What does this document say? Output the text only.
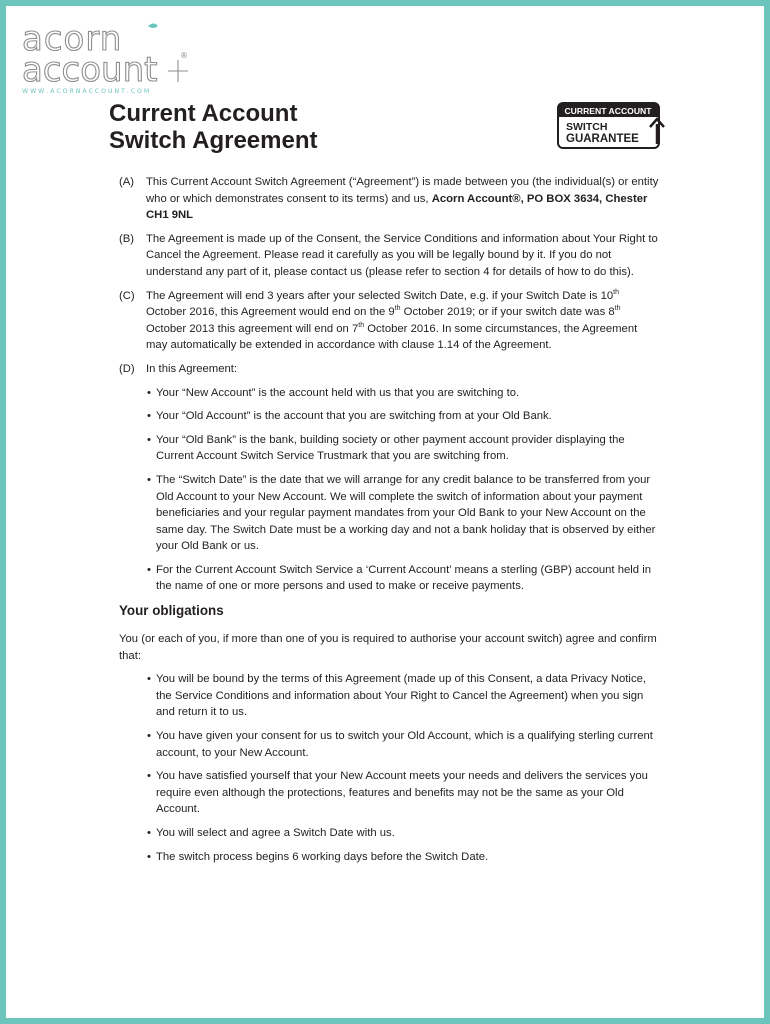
acorn
account	®
W W W . A C O R N A C C O U N T . C O M
Current Account
Switch Agreement
CURRENT ACCOUNT
SWITCH
GUARANTEE
(A) This Current Account Switch Agreement (“Agreement”) is made between you (the individual(s) or entity who or which demonstrates consent to its terms) and us, Acorn Account®, PO BOX 3634, Chester CH1 9NL

(B) The Agreement is made up of the Consent, the Service Conditions and information about Your Right to Cancel the Agreement. Please read it carefully as you will be legally bound by it. If you do not understand any part of it, please contact us (please refer to section 4 for details of how to do this).

(C) The Agreement will end 3 years after your selected Switch Date, e.g. if your Switch Date is 10th October 2016, this Agreement would end on the 9th October 2019; or if your switch date was 8th October 2013 this agreement will end on 7th October 2016. In some circumstances, the Agreement may automatically be extended in accordance with clause 1.14 of the Agreement.

(D) In this Agreement:

• Your “New Account” is the account held with us that you are switching to.
• Your “Old Account” is the account that you are switching from at your Old Bank.
• Your “Old Bank” is the bank, building society or other payment account provider displaying the Current Account Switch Service Trustmark that you are switching from.
• The “Switch Date” is the date that we will arrange for any credit balance to be transferred from your Old Account to your New Account. We will complete the switch of information about your payment beneficiaries and your regular payment mandates from your Old Bank to your New Account on the same day. The Switch Date must be a working day and not a bank holiday that is observed by either your Old Bank or us.
• For the Current Account Switch Service a ‘Current Account’ means a sterling (GBP) account held in the name of one or more persons and used to make or receive payments.
Your obligations

You (or each of you, if more than one of you is required to authorise your account switch) agree and confirm that:

• You will be bound by the terms of this Agreement (made up of this Consent, a data Privacy Notice, the Service Conditions and information about Your Right to Cancel the Agreement) when you sign and return it to us.
• You have given your consent for us to switch your Old Account, which is a qualifying sterling current account, to your New Account.
• You have satisfied yourself that your New Account meets your needs and delivers the services you require even although the protections, features and benefits may not be the same as your Old Account.
• You will select and agree a Switch Date with us.
• The switch process begins 6 working days before the Switch Date.
